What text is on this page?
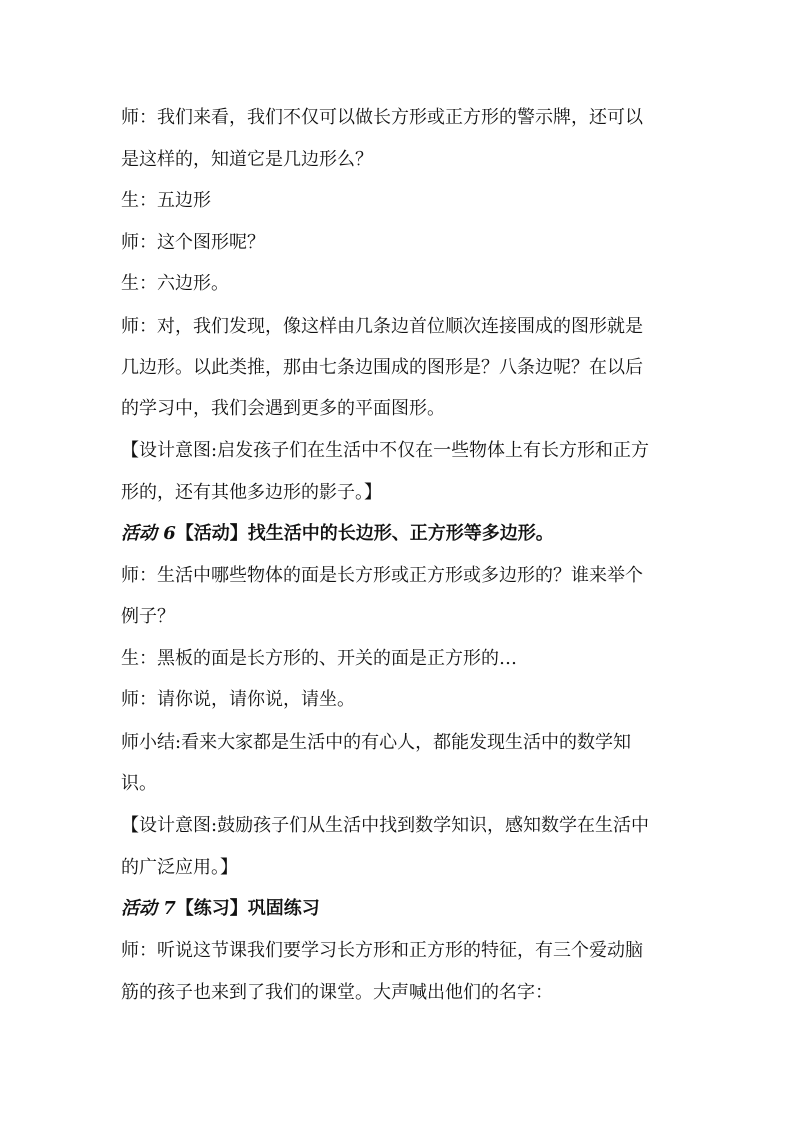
师：我们来看，我们不仅可以做长方形或正方形的警示牌，还可以
是这样的，知道它是几边形么？
生：五边形
师：这个图形呢？
生：六边形。
师：对，我们发现，像这样由几条边首位顺次连接围成的图形就是
几边形。以此类推，那由七条边围成的图形是？八条边呢？在以后
的学习中，我们会遇到更多的平面图形。
【设计意图:启发孩子们在生活中不仅在一些物体上有长方形和正方
形的，还有其他多边形的影子。】
活动 6【活动】找生活中的长边形、正方形等多边形。
师：生活中哪些物体的面是长方形或正方形或多边形的？谁来举个
例子？
生：黑板的面是长方形的、开关的面是正方形的…
师：请你说，请你说，请坐。
师小结:看来大家都是生活中的有心人，都能发现生活中的数学知
识。
【设计意图:鼓励孩子们从生活中找到数学知识，感知数学在生活中
的广泛应用。】
活动 7【练习】巩固练习
师：听说这节课我们要学习长方形和正方形的特征，有三个爱动脑
筋的孩子也来到了我们的课堂。大声喊出他们的名字：
